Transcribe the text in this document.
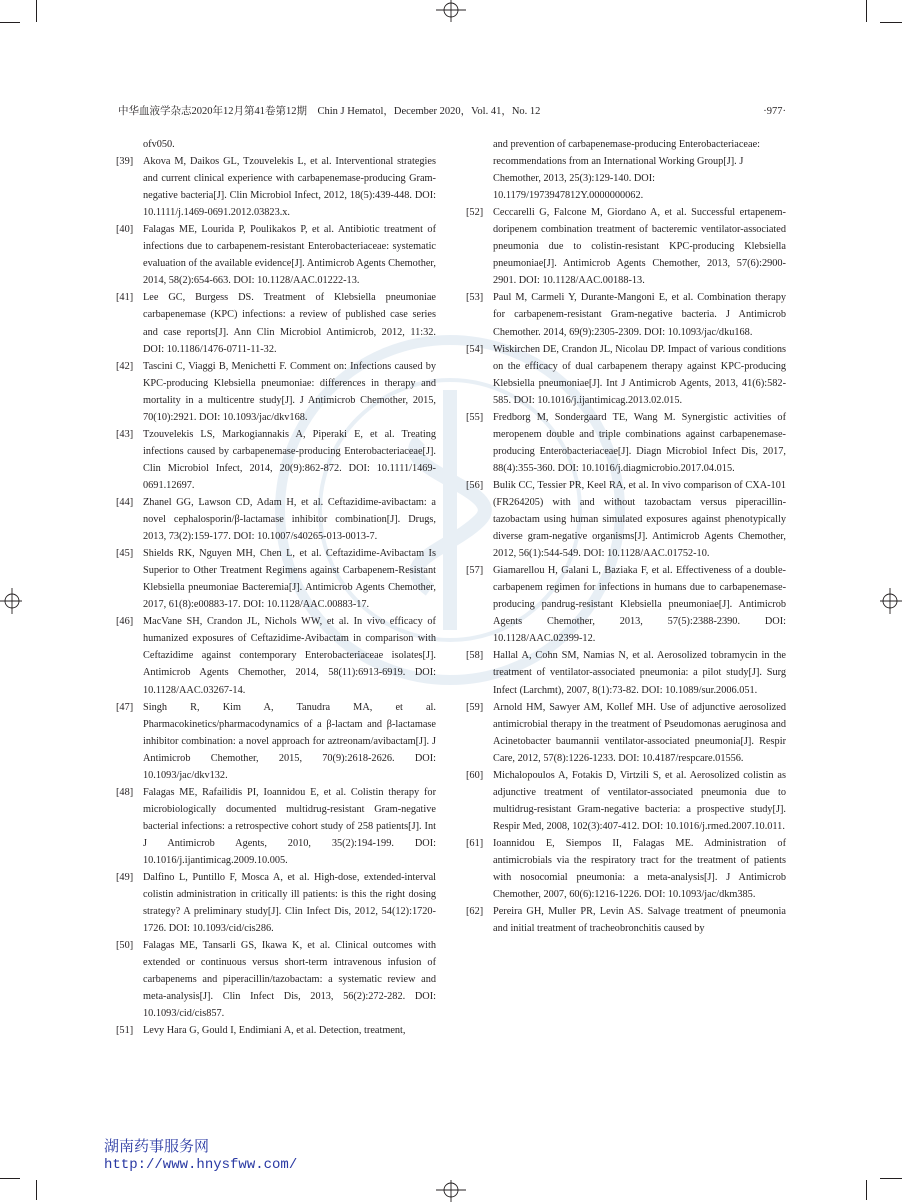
中华血液学杂志2020年12月第41卷第12期　Chin J Hematol，December 2020，Vol. 41，No. 12	·977·
ofv050.
[39] Akova M, Daikos GL, Tzouvelekis L, et al. Interventional strategies and current clinical experience with carbapenemase-producing Gram-negative bacteria[J]. Clin Microbiol Infect, 2012, 18(5):439-448. DOI: 10.1111/j.1469-0691.2012.03823.x.
[40] Falagas ME, Lourida P, Poulikakos P, et al. Antibiotic treatment of infections due to carbapenem-resistant Enterobacteriaceae: systematic evaluation of the available evidence[J]. Antimicrob Agents Chemother, 2014, 58(2):654-663. DOI: 10.1128/AAC.01222-13.
[41] Lee GC, Burgess DS. Treatment of Klebsiella pneumoniae carbapenemase (KPC) infections: a review of published case series and case reports[J]. Ann Clin Microbiol Antimicrob, 2012, 11:32. DOI: 10.1186/1476-0711-11-32.
[42] Tascini C, Viaggi B, Menichetti F. Comment on: Infections caused by KPC-producing Klebsiella pneumoniae: differences in therapy and mortality in a multicentre study[J]. J Antimicrob Chemother, 2015, 70(10):2921. DOI: 10.1093/jac/dkv168.
[43] Tzouvelekis LS, Markogiannakis A, Piperaki E, et al. Treating infections caused by carbapenemase-producing Enterobacteriaceae[J]. Clin Microbiol Infect, 2014, 20(9):862-872. DOI: 10.1111/1469-0691.12697.
[44] Zhanel GG, Lawson CD, Adam H, et al. Ceftazidime-avibactam: a novel cephalosporin/β-lactamase inhibitor combination[J]. Drugs, 2013, 73(2):159-177. DOI: 10.1007/s40265-013-0013-7.
[45] Shields RK, Nguyen MH, Chen L, et al. Ceftazidime-Avibactam Is Superior to Other Treatment Regimens against Carbapenem-Resistant Klebsiella pneumoniae Bacteremia[J]. Antimicrob Agents Chemother, 2017, 61(8):e00883-17. DOI: 10.1128/AAC.00883-17.
[46] MacVane SH, Crandon JL, Nichols WW, et al. In vivo efficacy of humanized exposures of Ceftazidime-Avibactam in comparison with Ceftazidime against contemporary Enterobacteriaceae isolates[J]. Antimicrob Agents Chemother, 2014, 58(11):6913-6919. DOI: 10.1128/AAC.03267-14.
[47] Singh R, Kim A, Tanudra MA, et al. Pharmacokinetics/pharmacodynamics of a β-lactam and β-lactamase inhibitor combination: a novel approach for aztreonam/avibactam[J]. J Antimicrob Chemother, 2015, 70(9):2618-2626. DOI: 10.1093/jac/dkv132.
[48] Falagas ME, Rafailidis PI, Ioannidou E, et al. Colistin therapy for microbiologically documented multidrug-resistant Gram-negative bacterial infections: a retrospective cohort study of 258 patients[J]. Int J Antimicrob Agents, 2010, 35(2):194-199. DOI: 10.1016/j.ijantimicag.2009.10.005.
[49] Dalfino L, Puntillo F, Mosca A, et al. High-dose, extended-interval colistin administration in critically ill patients: is this the right dosing strategy? A preliminary study[J]. Clin Infect Dis, 2012, 54(12):1720-1726. DOI: 10.1093/cid/cis286.
[50] Falagas ME, Tansarli GS, Ikawa K, et al. Clinical outcomes with extended or continuous versus short-term intravenous infusion of carbapenems and piperacillin/tazobactam: a systematic review and meta-analysis[J]. Clin Infect Dis, 2013, 56(2):272-282. DOI: 10.1093/cid/cis857.
[51] Levy Hara G, Gould I, Endimiani A, et al. Detection, treatment,
and prevention of carbapenemase-producing Enterobacteriaceae: recommendations from an International Working Group[J]. J Chemother, 2013, 25(3):129-140. DOI: 10.1179/1973947812Y.0000000062.
[52] Ceccarelli G, Falcone M, Giordano A, et al. Successful ertapenem-doripenem combination treatment of bacteremic ventilator-associated pneumonia due to colistin-resistant KPC-producing Klebsiella pneumoniae[J]. Antimicrob Agents Chemother, 2013, 57(6):2900-2901. DOI: 10.1128/AAC.00188-13.
[53] Paul M, Carmeli Y, Durante-Mangoni E, et al. Combination therapy for carbapenem-resistant Gram-negative bacteria. J Antimicrob Chemother. 2014, 69(9):2305-2309. DOI: 10.1093/jac/dku168.
[54] Wiskirchen DE, Crandon JL, Nicolau DP. Impact of various conditions on the efficacy of dual carbapenem therapy against KPC-producing Klebsiella pneumoniae[J]. Int J Antimicrob Agents, 2013, 41(6):582-585. DOI: 10.1016/j.ijantimicag.2013.02.015.
[55] Fredborg M, Sondergaard TE, Wang M. Synergistic activities of meropenem double and triple combinations against carbapenemase-producing Enterobacteriaceae[J]. Diagn Microbiol Infect Dis, 2017, 88(4):355-360. DOI: 10.1016/j.diagmicrobio.2017.04.015.
[56] Bulik CC, Tessier PR, Keel RA, et al. In vivo comparison of CXA-101 (FR264205) with and without tazobactam versus piperacillin-tazobactam using human simulated exposures against phenotypically diverse gram-negative organisms[J]. Antimicrob Agents Chemother, 2012, 56(1):544-549. DOI: 10.1128/AAC.01752-10.
[57] Giamarellou H, Galani L, Baziaka F, et al. Effectiveness of a double-carbapenem regimen for infections in humans due to carbapenemase-producing pandrug-resistant Klebsiella pneumoniae[J]. Antimicrob Agents Chemother, 2013, 57(5):2388-2390. DOI: 10.1128/AAC.02399-12.
[58] Hallal A, Cohn SM, Namias N, et al. Aerosolized tobramycin in the treatment of ventilator-associated pneumonia: a pilot study[J]. Surg Infect (Larchmt), 2007, 8(1):73-82. DOI: 10.1089/sur.2006.051.
[59] Arnold HM, Sawyer AM, Kollef MH. Use of adjunctive aerosolized antimicrobial therapy in the treatment of Pseudomonas aeruginosa and Acinetobacter baumannii ventilator-associated pneumonia[J]. Respir Care, 2012, 57(8):1226-1233. DOI: 10.4187/respcare.01556.
[60] Michalopoulos A, Fotakis D, Virtzili S, et al. Aerosolized colistin as adjunctive treatment of ventilator-associated pneumonia due to multidrug-resistant Gram-negative bacteria: a prospective study[J]. Respir Med, 2008, 102(3):407-412. DOI: 10.1016/j.rmed.2007.10.011.
[61] Ioannidou E, Siempos II, Falagas ME. Administration of antimicrobials via the respiratory tract for the treatment of patients with nosocomial pneumonia: a meta-analysis[J]. J Antimicrob Chemother, 2007, 60(6):1216-1226. DOI: 10.1093/jac/dkm385.
[62] Pereira GH, Muller PR, Levin AS. Salvage treatment of pneumonia and initial treatment of tracheobronchitis caused by
湖南药事服务网
http://www.hnysfww.com/
